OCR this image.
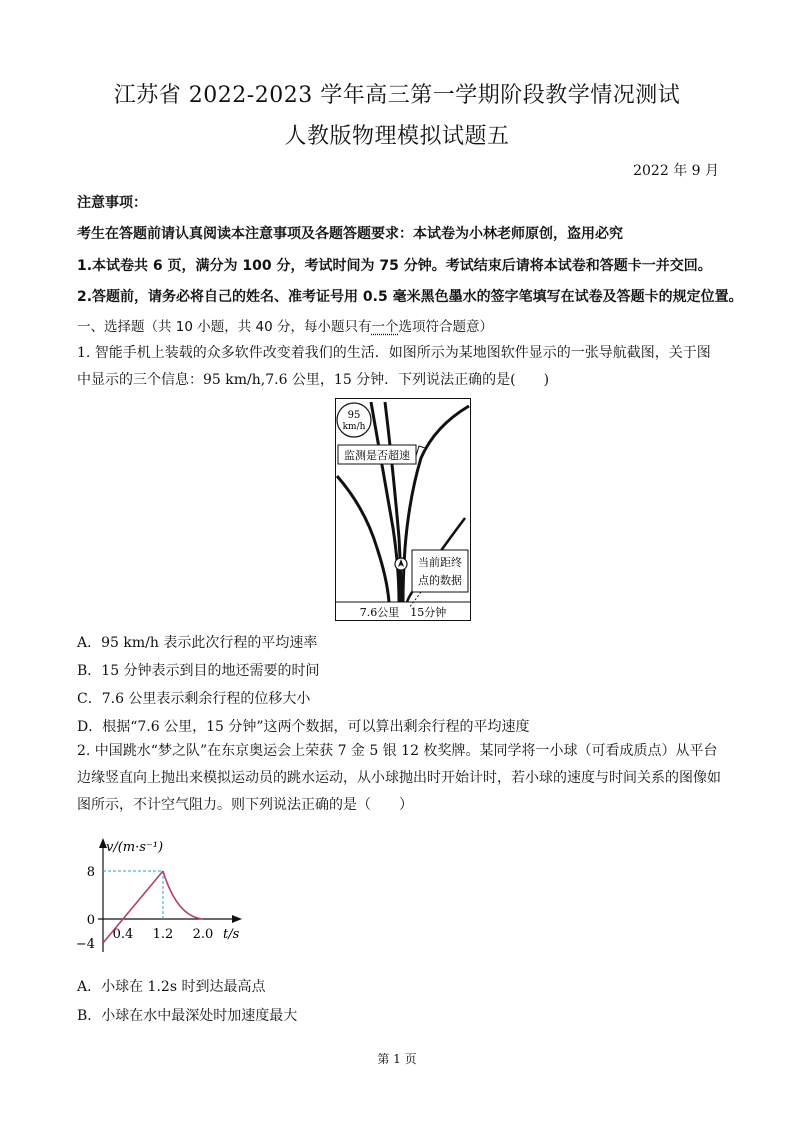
江苏省 2022-2023 学年高三第一学期阶段教学情况测试
人教版物理模拟试题五
2022 年 9 月
注意事项：
考生在答题前请认真阅读本注意事项及各题答题要求：本试卷为小林老师原创，盗用必究
1.本试卷共 6 页，满分为 100 分，考试时间为 75 分钟。考试结束后请将本试卷和答题卡一并交回。
2.答题前，请务必将自己的姓名、准考证号用 0.5 毫米黑色墨水的签字笔填写在试卷及答题卡的规定位置。
一、选择题（共 10 小题，共 40 分，每小题只有一个选项符合题意）
1. 智能手机上装载的众多软件改变着我们的生活．如图所示为某地图软件显示的一张导航截图，关于图中显示的三个信息：95 km/h,7.6 公里，15 分钟．下列说法正确的是(　　)
95
km/h
监测是否超速
当前距终
点的数据
7.6公里　15分钟
A．95 km/h 表示此次行程的平均速率
B．15 分钟表示到目的地还需要的时间
C．7.6 公里表示剩余行程的位移大小
D．根据“7.6 公里，15 分钟”这两个数据，可以算出剩余行程的平均速度
2. 中国跳水“梦之队”在东京奥运会上荣获 7 金 5 银 12 枚奖牌。某同学将一小球（可看成质点）从平台边缘竖直向上抛出来模拟运动员的跳水运动，从小球抛出时开始计时，若小球的速度与时间关系的图像如图所示，不计空气阻力。则下列说法正确的是（　　）
v/(m·s⁻¹)
t/s
0.4 1.2 2.0
8
0
−4
A．小球在 1.2s 时到达最高点
B．小球在水中最深处时加速度最大
第 1 页
